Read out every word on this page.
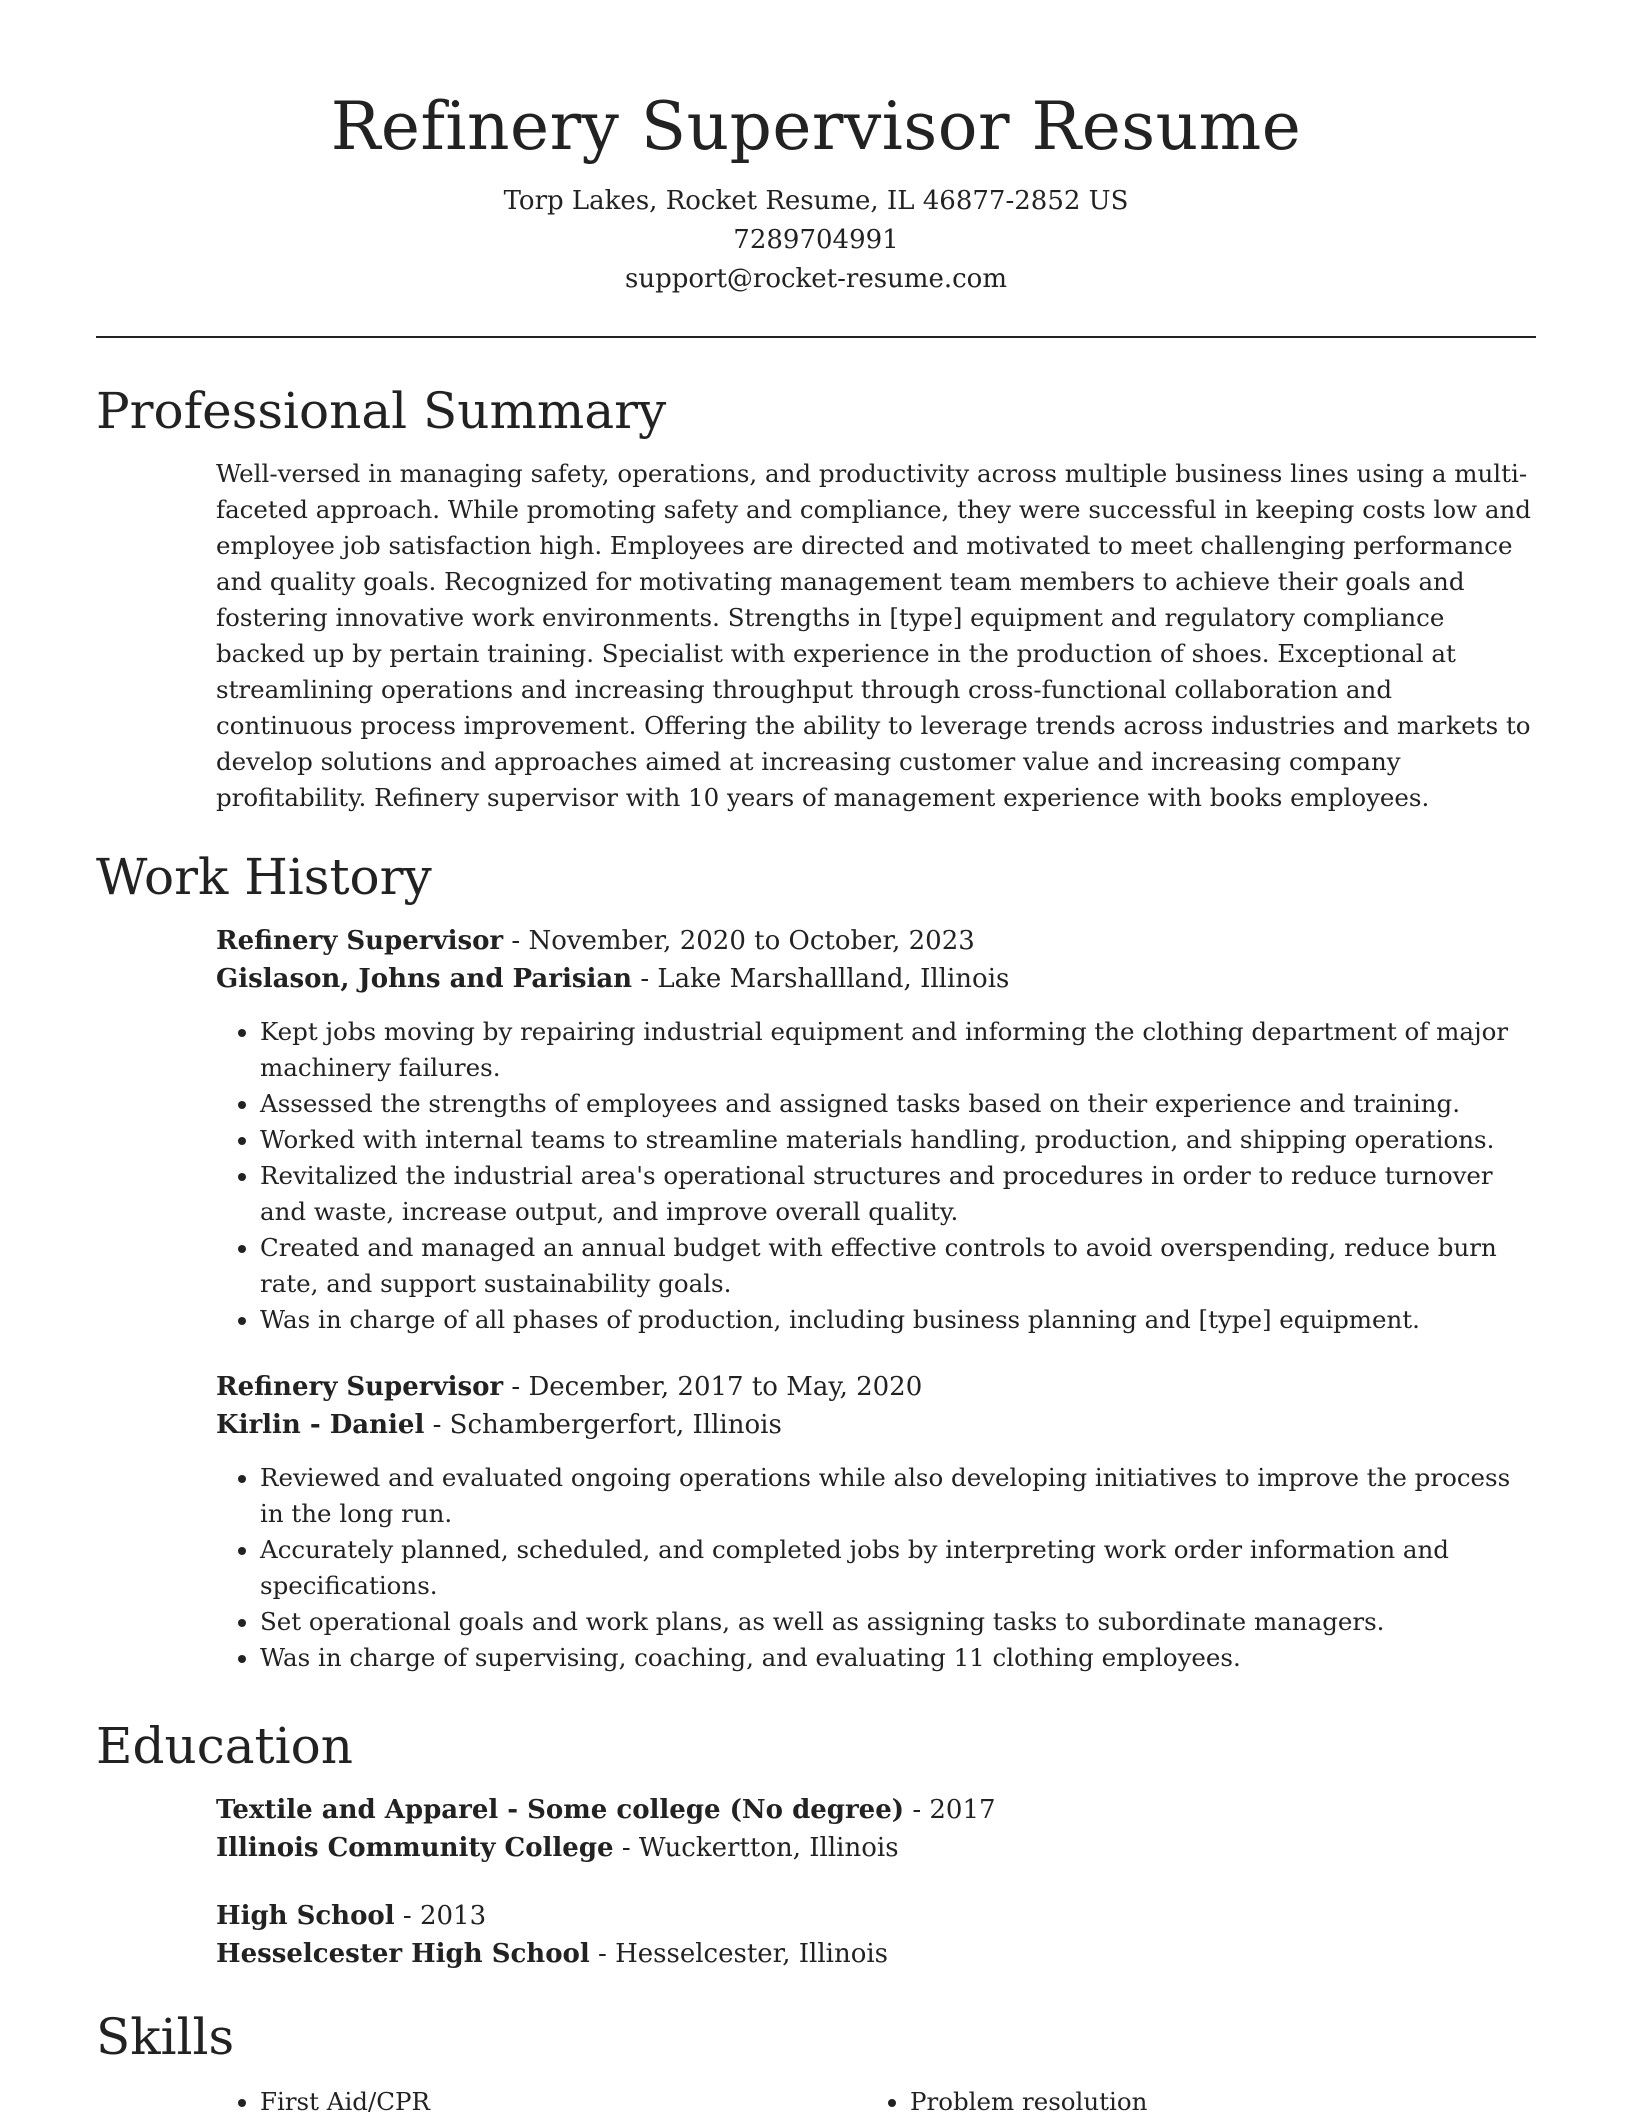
Refinery Supervisor Resume

Torp Lakes, Rocket Resume, IL 46877-2852 US

7289704991

support@rocket-resume.com

Professional Summary

Well-versed in managing safety, operations, and productivity across multiple business lines using a multi-faceted approach. While promoting safety and compliance, they were successful in keeping costs low and employee job satisfaction high. Employees are directed and motivated to meet challenging performance and quality goals. Recognized for motivating management team members to achieve their goals and fostering innovative work environments. Strengths in [type] equipment and regulatory compliance backed up by pertain training. Specialist with experience in the production of shoes. Exceptional at streamlining operations and increasing throughput through cross-functional collaboration and continuous process improvement. Offering the ability to leverage trends across industries and markets to develop solutions and approaches aimed at increasing customer value and increasing company profitability. Refinery supervisor with 10 years of management experience with books employees.

Work History

Refinery Supervisor - November, 2020 to October, 2023

Gislason, Johns and Parisian - Lake Marshallland, Illinois

• Kept jobs moving by repairing industrial equipment and informing the clothing department of major machinery failures.
• Assessed the strengths of employees and assigned tasks based on their experience and training.
• Worked with internal teams to streamline materials handling, production, and shipping operations.
• Revitalized the industrial area's operational structures and procedures in order to reduce turnover and waste, increase output, and improve overall quality.
• Created and managed an annual budget with effective controls to avoid overspending, reduce burn rate, and support sustainability goals.
• Was in charge of all phases of production, including business planning and [type] equipment.

Refinery Supervisor - December, 2017 to May, 2020

Kirlin - Daniel - Schambergerfort, Illinois

• Reviewed and evaluated ongoing operations while also developing initiatives to improve the process in the long run.
• Accurately planned, scheduled, and completed jobs by interpreting work order information and specifications.
• Set operational goals and work plans, as well as assigning tasks to subordinate managers.
• Was in charge of supervising, coaching, and evaluating 11 clothing employees.
Education

Textile and Apparel - Some college (No degree) - 2017

Illinois Community College - Wuckertton, Illinois

High School - 2013

Hesselcester High School - Hesselcester, Illinois

Skills
• First Aid/CPR
•	Problem resolution
